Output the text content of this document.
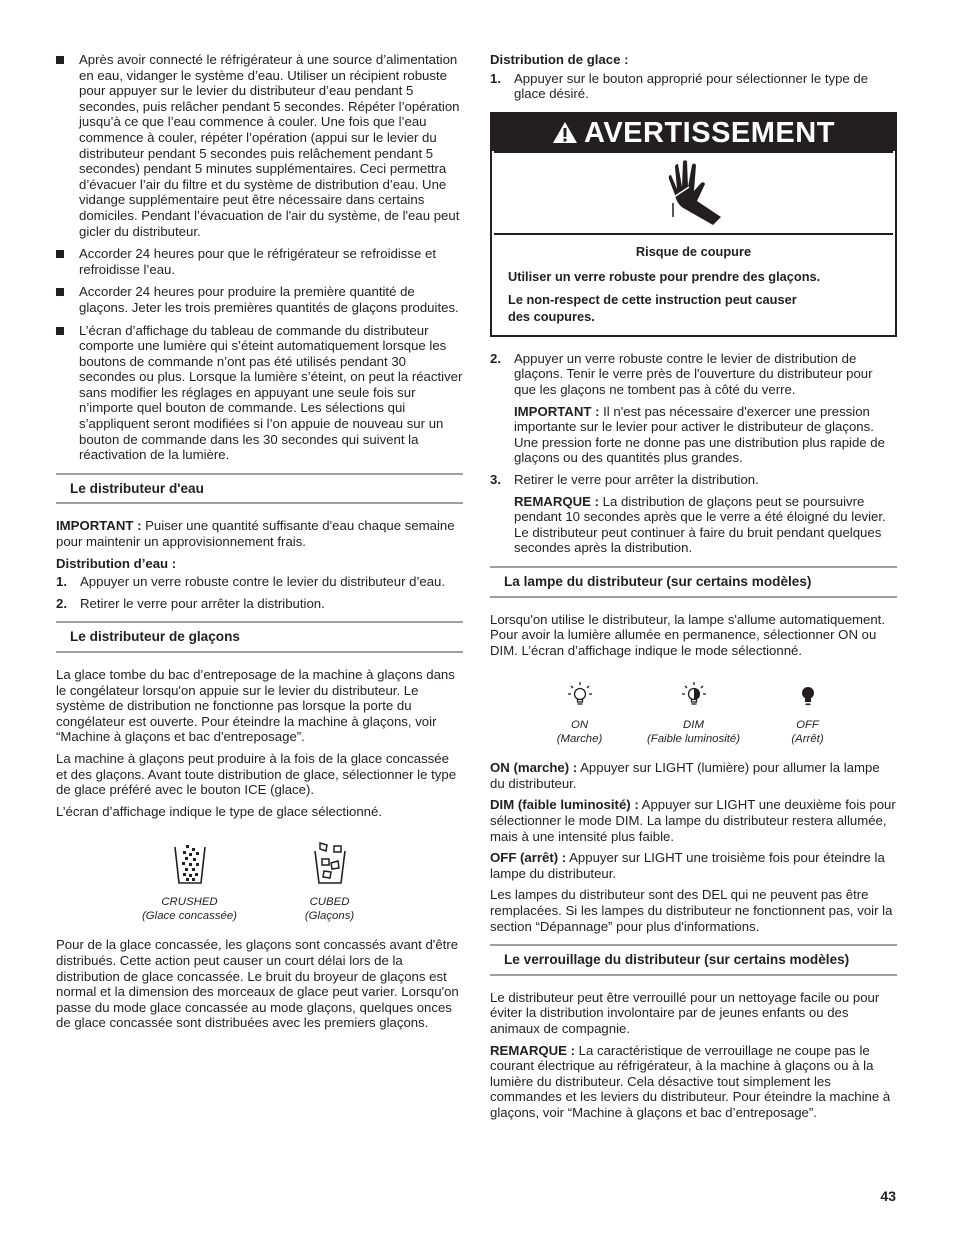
Après avoir connecté le réfrigérateur à une source d’alimentation en eau, vidanger le système d’eau. Utiliser un récipient robuste pour appuyer sur le levier du distributeur d’eau pendant 5 secondes, puis relâcher pendant 5 secondes. Répéter l’opération jusqu’à ce que l’eau commence à couler. Une fois que l’eau commence à couler, répéter l’opération (appui sur le levier du distributeur pendant 5 secondes puis relâchement pendant 5 secondes) pendant 5 minutes supplémentaires. Ceci permettra d’évacuer l’air du filtre et du système de distribution d’eau. Une vidange supplémentaire peut être nécessaire dans certains domiciles. Pendant l’évacuation de l'air du système, de l'eau peut gicler du distributeur.

Accorder 24 heures pour que le réfrigérateur se refroidisse et refroidisse l’eau.

Accorder 24 heures pour produire la première quantité de glaçons. Jeter les trois premières quantités de glaçons produites.

L’écran d’affichage du tableau de commande du distributeur comporte une lumière qui s’éteint automatiquement lorsque les boutons de commande n’ont pas été utilisés pendant 30 secondes ou plus. Lorsque la lumière s’éteint, on peut la réactiver sans modifier les réglages en appuyant une seule fois sur n’importe quel bouton de commande. Les sélections qui s’appliquent seront modifiées si l’on appuie de nouveau sur un bouton de commande dans les 30 secondes qui suivent la réactivation de la lumière.

Le distributeur d'eau

IMPORTANT : Puiser une quantité suffisante d'eau chaque semaine pour maintenir un approvisionnement frais.

Distribution d’eau :

1. Appuyer un verre robuste contre le levier du distributeur d’eau.

2. Retirer le verre pour arrêter la distribution.

Le distributeur de glaçons

La glace tombe du bac d’entreposage de la machine à glaçons dans le congélateur lorsqu'on appuie sur le levier du distributeur. Le système de distribution ne fonctionne pas lorsque la porte du congélateur est ouverte. Pour éteindre la machine à glaçons, voir “Machine à glaçons et bac d'entreposage”.

La machine à glaçons peut produire à la fois de la glace concassée et des glaçons. Avant toute distribution de glace, sélectionner le type de glace préféré avec le bouton ICE (glace).

L’écran d’affichage indique le type de glace sélectionné.

CRUSHED
(Glace concassée)
CUBED
(Glaçons)

Pour de la glace concassée, les glaçons sont concassés avant d'être distribués. Cette action peut causer un court délai lors de la distribution de glace concassée. Le bruit du broyeur de glaçons est normal et la dimension des morceaux de glace peut varier. Lorsqu'on passe du mode glace concassée au mode glaçons, quelques onces de glace concassée sont distribuées avec les premiers glaçons.

Distribution de glace :

1. Appuyer sur le bouton approprié pour sélectionner le type de glace désiré.

AVERTISSEMENT

Risque de coupure

Utiliser un verre robuste pour prendre des glaçons.

Le non-respect de cette instruction peut causer des coupures.

2. Appuyer un verre robuste contre le levier de distribution de glaçons. Tenir le verre près de l'ouverture du distributeur pour que les glaçons ne tombent pas à côté du verre.

IMPORTANT : Il n'est pas nécessaire d'exercer une pression importante sur le levier pour activer le distributeur de glaçons. Une pression forte ne donne pas une distribution plus rapide de glaçons ou des quantités plus grandes.

3. Retirer le verre pour arrêter la distribution.

REMARQUE : La distribution de glaçons peut se poursuivre pendant 10 secondes après que le verre a été éloigné du levier. Le distributeur peut continuer à faire du bruit pendant quelques secondes après la distribution.

La lampe du distributeur (sur certains modèles)

Lorsqu'on utilise le distributeur, la lampe s'allume automatiquement. Pour avoir la lumière allumée en permanence, sélectionner ON ou DIM. L’écran d’affichage indique le mode sélectionné.

ON
(Marche)
DIM
(Faible luminosité)
OFF
(Arrêt)

ON (marche) : Appuyer sur LIGHT (lumière) pour allumer la lampe du distributeur.

DIM (faible luminosité) : Appuyer sur LIGHT une deuxième fois pour sélectionner le mode DIM. La lampe du distributeur restera allumée, mais à une intensité plus faible.

OFF (arrêt) : Appuyer sur LIGHT une troisième fois pour éteindre la lampe du distributeur.

Les lampes du distributeur sont des DEL qui ne peuvent pas être remplacées. Si les lampes du distributeur ne fonctionnent pas, voir la section “Dépannage” pour plus d'informations.

Le verrouillage du distributeur (sur certains modèles)

Le distributeur peut être verrouillé pour un nettoyage facile ou pour éviter la distribution involontaire par de jeunes enfants ou des animaux de compagnie.

REMARQUE : La caractéristique de verrouillage ne coupe pas le courant électrique au réfrigérateur, à la machine à glaçons ou à la lumière du distributeur. Cela désactive tout simplement les commandes et les leviers du distributeur. Pour éteindre la machine à glaçons, voir “Machine à glaçons et bac d’entreposage”.

43
